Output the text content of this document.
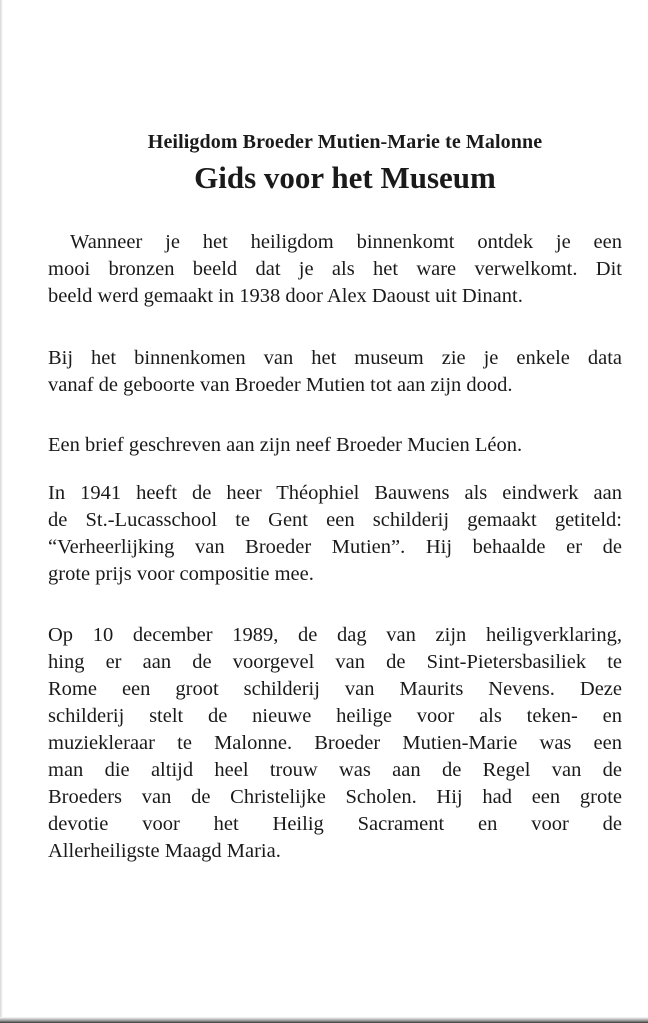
Heiligdom Broeder Mutien-Marie te Malonne
Gids voor het Museum
Wanneer je het heiligdom binnenkomt ontdek je een
mooi bronzen beeld dat je als het ware verwelkomt. Dit
beeld werd gemaakt in 1938 door Alex Daoust uit Dinant.
Bij het binnenkomen van het museum zie je enkele data
vanaf de geboorte van Broeder Mutien tot aan zijn dood.
Een brief geschreven aan zijn neef Broeder Mucien Léon.
In 1941 heeft de heer Théophiel Bauwens als eindwerk aan
de St.-Lucasschool te Gent een schilderij gemaakt getiteld:
“Verheerlijking van Broeder Mutien”. Hij behaalde er de
grote prijs voor compositie mee.
Op 10 december 1989, de dag van zijn heiligverklaring,
hing er aan de voorgevel van de Sint-Pietersbasiliek te
Rome een groot schilderij van Maurits Nevens. Deze
schilderij stelt de nieuwe heilige voor als teken- en
muziekleraar te Malonne. Broeder Mutien-Marie was een
man die altijd heel trouw was aan de Regel van de
Broeders van de Christelijke Scholen. Hij had een grote
devotie voor het Heilig Sacrament en voor de
Allerheiligste Maagd Maria.
